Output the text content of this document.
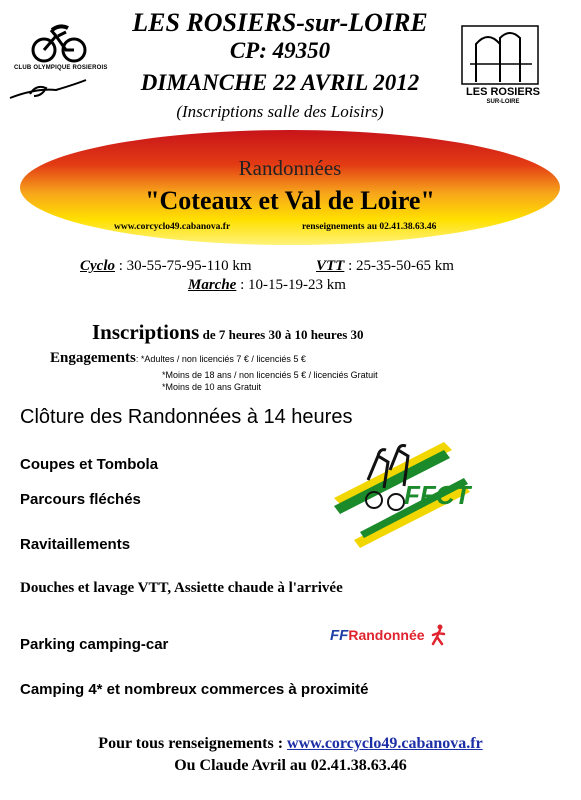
CLUB OLYMPIQUE ROSIEROIS
LES ROSIERS
SUR-LOIRE
LES ROSIERS-sur-LOIRE
CP: 49350
DIMANCHE 22 AVRIL 2012
(Inscriptions salle des Loisirs)
Randonnées
"Coteaux et Val de Loire"
www.corcyclo49.cabanova.fr	renseignements au 02.41.38.63.46
Cyclo : 30-55-75-95-110 km	VTT : 25-35-50-65 km
Marche : 10-15-19-23 km
Inscriptions de 7 heures 30 à 10 heures 30
Engagements: *Adultes / non licenciés 7 € / licenciés 5 €
*Moins de 18 ans / non licenciés 5 € / licenciés Gratuit
*Moins de 10 ans Gratuit
Clôture des Randonnées à 14 heures
Coupes et Tombola
Parcours fléchés
Ravitaillements
Douches et lavage VTT, Assiette chaude à l'arrivée
Parking camping-car
Camping 4* et nombreux commerces à proximité
FFCT
FFRandonnée
Pour tous renseignements : www.corcyclo49.cabanova.fr
Ou Claude Avril au 02.41.38.63.46
